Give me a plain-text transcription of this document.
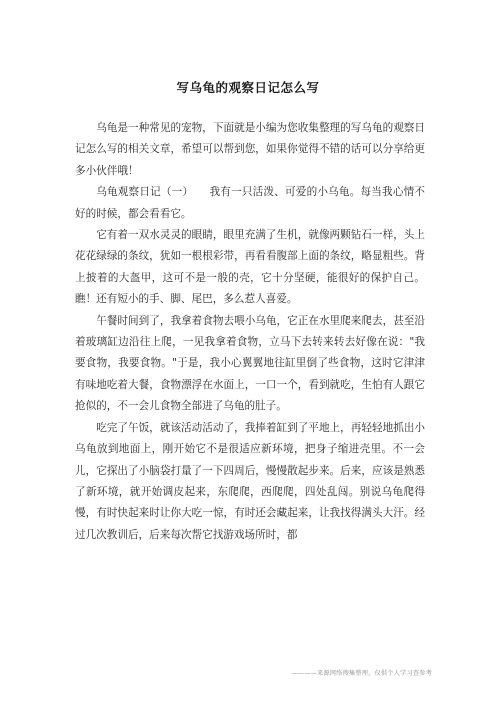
写乌龟的观察日记怎么写

乌龟是一种常见的宠物，下面就是小编为您收集整理的写乌龟的观察日记怎么写的相关文章，希望可以帮到您，如果你觉得不错的话可以分享给更多小伙伴哦！

乌龟观察日记（一）　　我有一只活泼、可爱的小乌龟。每当我心情不好的时候，都会看看它。

它有着一双水灵灵的眼睛，眼里充满了生机，就像两颗钻石一样，头上花花绿绿的条纹，犹如一根根彩带，再看看腹部上面的条纹，略显粗些。背上披着的大盔甲，这可不是一般的壳，它十分坚硬，能很好的保护自己。瞧！还有短小的手、脚、尾巴，多么惹人喜爱。

午餐时间到了，我拿着食物去喂小乌龟，它正在水里爬来爬去，甚至沿着玻璃缸边沿往上爬，一见我拿着食物，立马下去转来转去好像在说："我要食物，我要食物。"于是，我小心翼翼地往缸里倒了些食物，这时它津津有味地吃着大餐，食物漂浮在水面上，一口一个，看到就吃，生怕有人跟它抢似的，不一会儿食物全部进了乌龟的肚子。

吃完了午饭，就该活动活动了，我捧着缸到了平地上，再轻轻地抓出小乌龟放到地面上，刚开始它不是很适应新环境，把身子缩进壳里。不一会儿，它探出了小脑袋打量了一下四周后，慢慢散起步来。后来，应该是熟悉了新环境，就开始调皮起来，东爬爬，西爬爬，四处乱闯。别说乌龟爬得慢，有时快起来时让你大吃一惊，有时还会藏起来，让我找得满头大汗。经过几次教训后，后来每次帮它找游戏场所时，都

————来源网络搜集整理，仅供个人学习查参考
